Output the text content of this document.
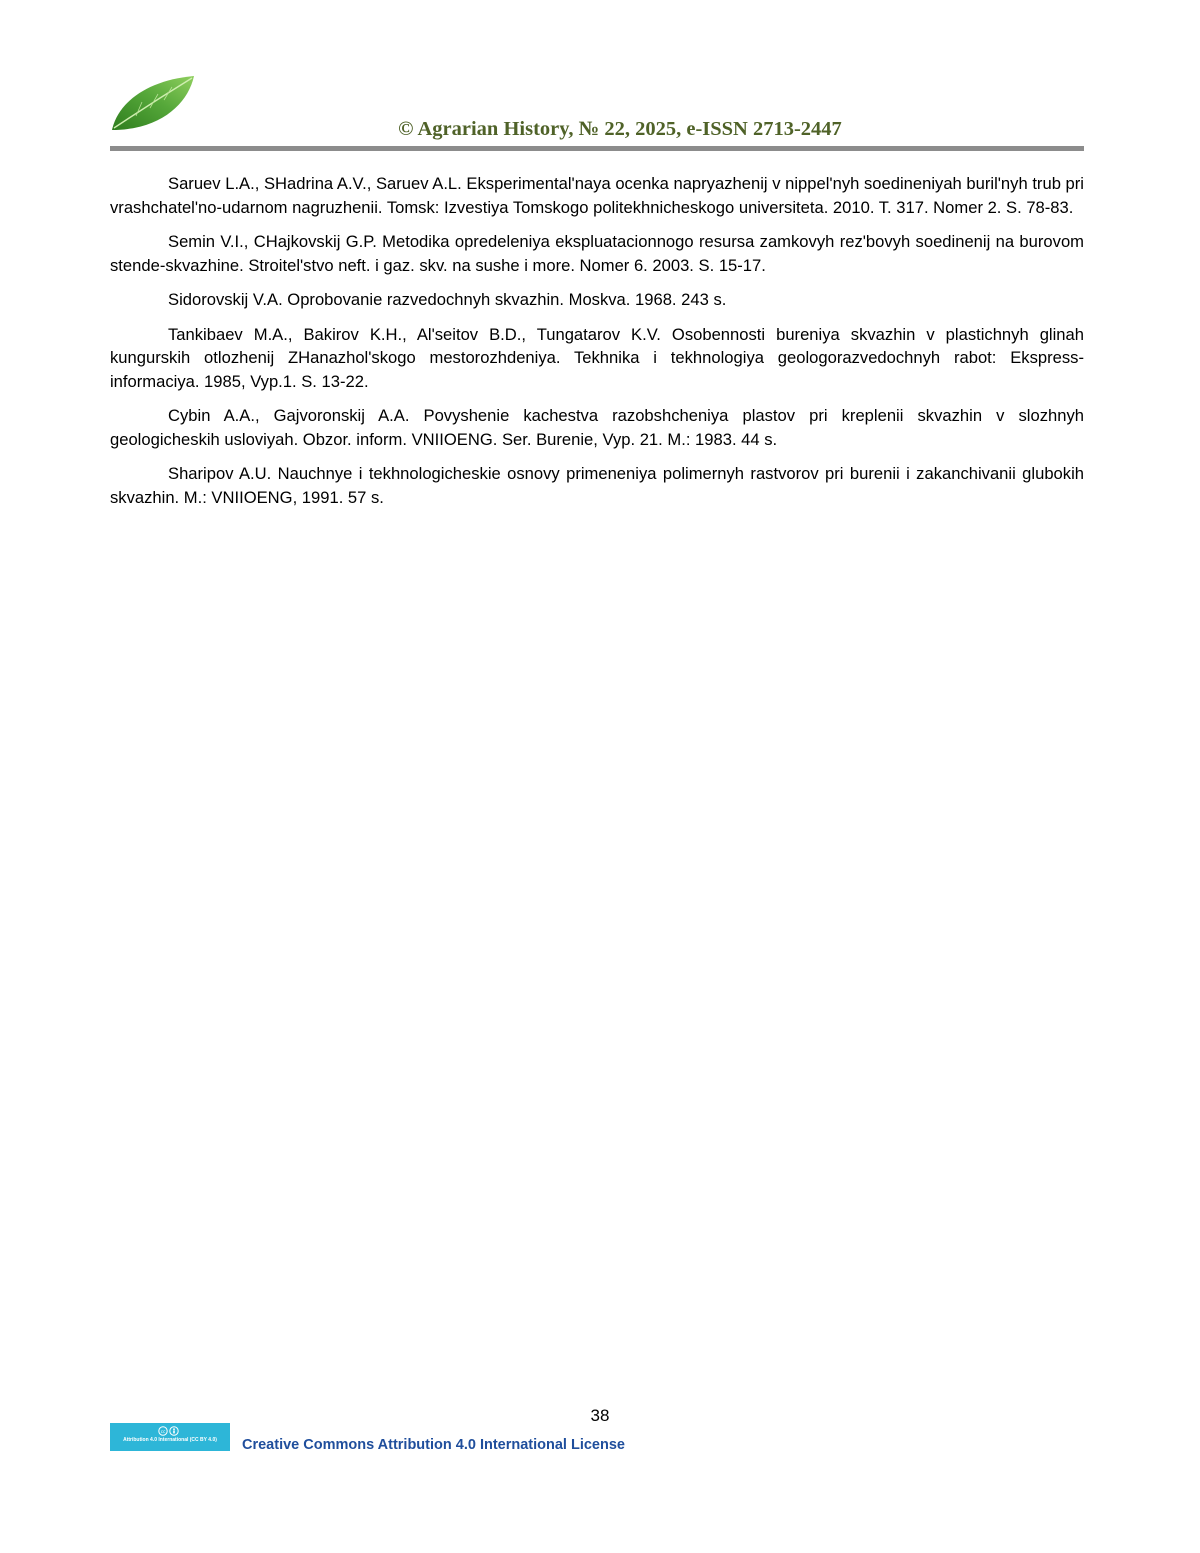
© Agrarian History, № 22, 2025, e-ISSN 2713-2447

Saruev L.A., SHadrina A.V., Saruev A.L. Eksperimental'naya ocenka napryazhenij v nippel'nyh soedineniyah buril'nyh trub pri vrashchatel'no-udarnom nagruzhenii. Tomsk: Izvestiya Tomskogo politekhnicheskogo universiteta. 2010. T. 317. Nomer 2. S. 78-83.

Semin V.I., CHajkovskij G.P. Metodika opredeleniya ekspluatacionnogo resursa zamkovyh rez'bovyh soedinenij na burovom stende-skvazhine. Stroitel'stvo neft. i gaz. skv. na sushe i more. Nomer 6. 2003. S. 15-17.

Sidorovskij V.A. Oprobovanie razvedochnyh skvazhin. Moskva. 1968. 243 s.

Tankibaev M.A., Bakirov K.H., Al'seitov B.D., Tungatarov K.V. Osobennosti bureniya skvazhin v plastichnyh glinah kungurskih otlozhenij ZHanazhol'skogo mestorozhdeniya. Tekhnika i tekhnologiya geologorazvedochnyh rabot: Ekspress-informaciya. 1985, Vyp.1. S. 13-22.

Cybin A.A., Gajvoronskij A.A. Povyshenie kachestva razobshcheniya plastov pri kreplenii skvazhin v slozhnyh geologicheskih usloviyah. Obzor. inform. VNIIOENG. Ser. Burenie, Vyp. 21. M.: 1983. 44 s.

Sharipov A.U. Nauchnye i tekhnologicheskie osnovy primeneniya polimernyh rastvorov pri burenii i zakanchivanii glubokih skvazhin. M.: VNIIOENG, 1991. 57 s.

38
cc
Attribution 4.0 International (CC BY 4.0)	Creative Commons Attribution 4.0 International License
